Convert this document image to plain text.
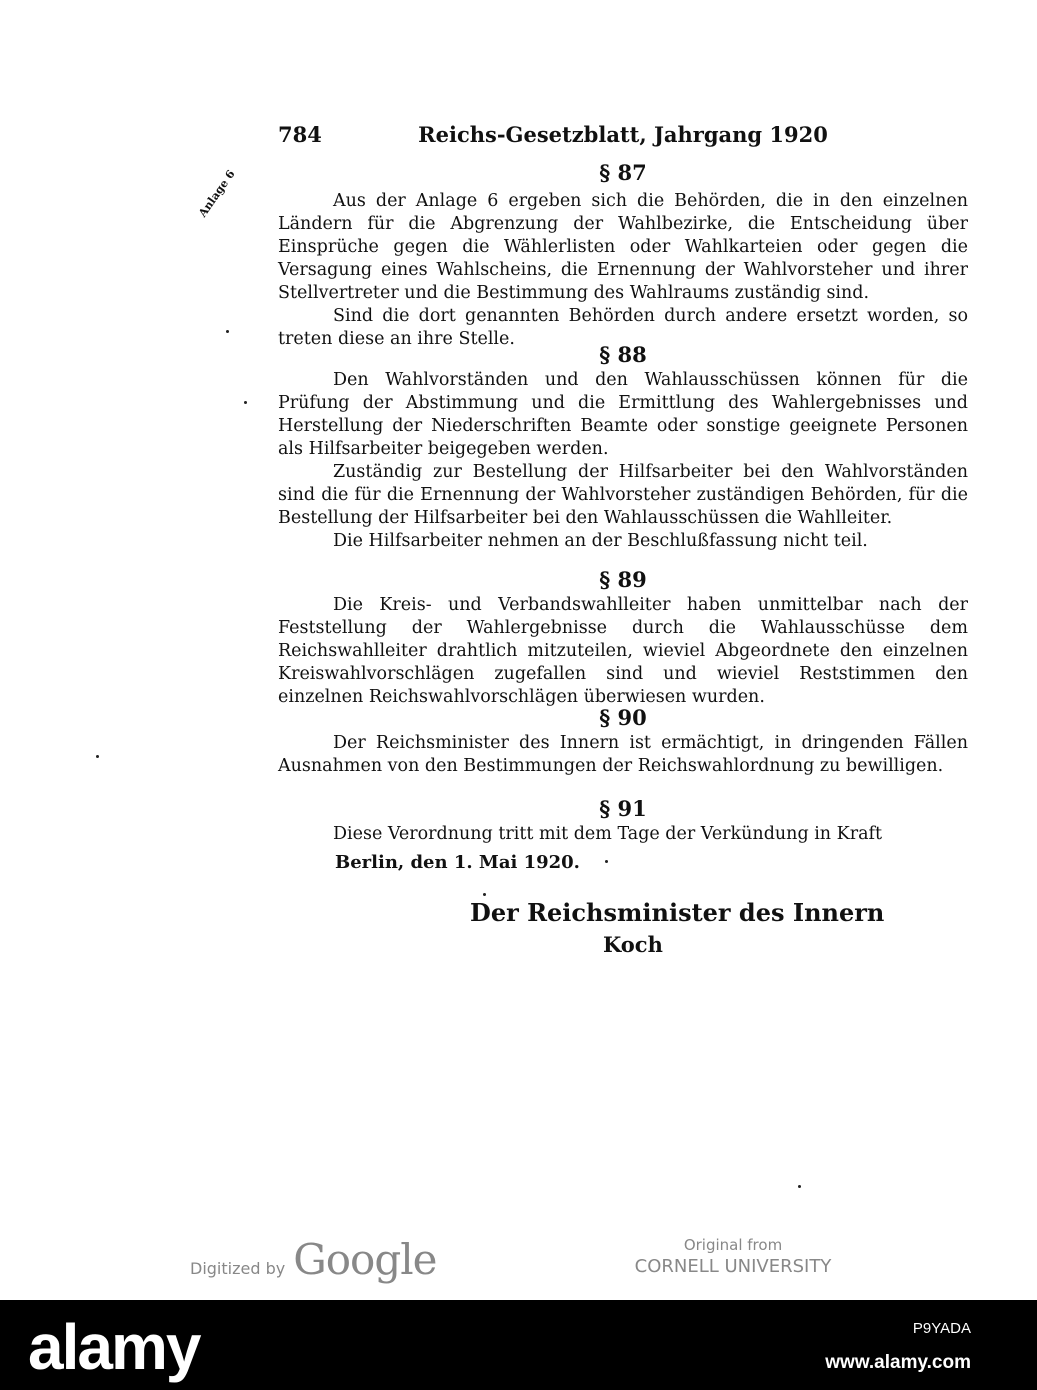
784	Reichs-Gesetzblatt, Jahrgang 1920
Anlage 6	§ 87

Aus der Anlage 6 ergeben sich die Behörden, die in den einzelnen Ländern für die Abgrenzung der Wahlbezirke, die Entscheidung über Einsprüche gegen die Wählerlisten oder Wahlkarteien oder gegen die Versagung eines Wahlscheins, die Ernennung der Wahlvorsteher und ihrer Stellvertreter und die Bestimmung des Wahlraums zuständig sind.

Sind die dort genannten Behörden durch andere ersetzt worden, so treten diese an ihre Stelle.

§ 88

Den Wahlvorständen und den Wahlausschüssen können für die Prüfung der Abstimmung und die Ermittlung des Wahlergebnisses und Herstellung der Niederschriften Beamte oder sonstige geeignete Personen als Hilfsarbeiter beigegeben werden.

Zuständig zur Bestellung der Hilfsarbeiter bei den Wahlvorständen sind die für die Ernennung der Wahlvorsteher zuständigen Behörden, für die Bestellung der Hilfsarbeiter bei den Wahlausschüssen die Wahlleiter.

Die Hilfsarbeiter nehmen an der Beschlußfassung nicht teil.

§ 89

Die Kreis- und Verbandswahlleiter haben unmittelbar nach der Feststellung der Wahlergebnisse durch die Wahlausschüsse dem Reichswahlleiter drahtlich mitzuteilen, wieviel Abgeordnete den einzelnen Kreiswahlvorschlägen zugefallen sind und wieviel Reststimmen den einzelnen Reichswahlvorschlägen überwiesen wurden.

§ 90

Der Reichsminister des Innern ist ermächtigt, in dringenden Fällen Ausnahmen von den Bestimmungen der Reichswahlordnung zu bewilligen.

§ 91

Diese Verordnung tritt mit dem Tage der Verkündung in Kraft

Berlin, den 1. Mai 1920.
Der Reichsminister des Innern
Koch
Digitized by Google	Original from
CORNELL UNIVERSITY
alamy	P9YADA
www.alamy.com
